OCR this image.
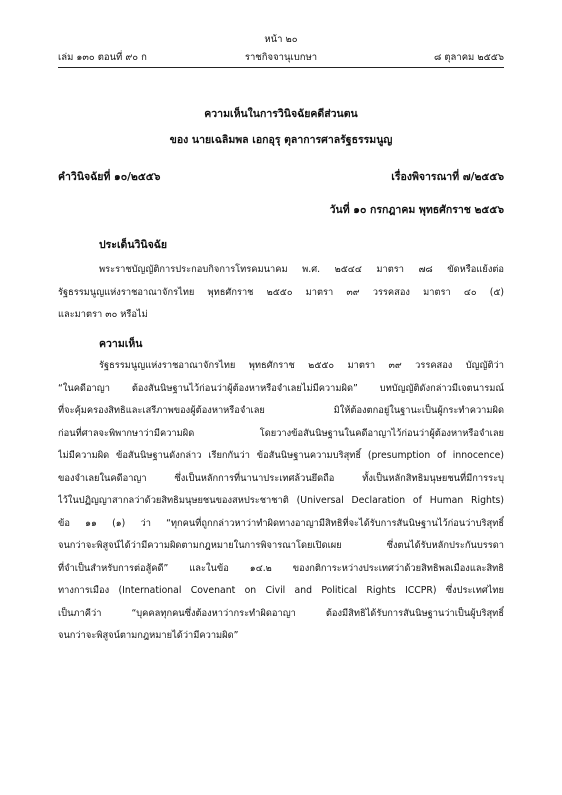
หน้า ๒๐
เล่ม ๑๓๐ ตอนที่ ๙๐ ก	ราชกิจจานุเบกษา	๘ ตุลาคม ๒๕๕๖
ความเห็นในการวินิจฉัยคดีส่วนตน
ของ นายเฉลิมพล เอกอุรุ ตุลาการศาลรัฐธรรมนูญ
คำวินิจฉัยที่ ๑๐/๒๕๕๖	เรื่องพิจารณาที่ ๗/๒๕๕๖
วันที่ ๑๐ กรกฎาคม พุทธศักราช ๒๕๕๖
ประเด็นวินิจฉัย
พระราชบัญญัติการประกอบกิจการโทรคมนาคม พ.ศ. ๒๕๔๔ มาตรา ๗๘ ขัดหรือแย้งต่อ
รัฐธรรมนูญแห่งราชอาณาจักรไทย พุทธศักราช ๒๕๕๐ มาตรา ๓๙ วรรคสอง มาตรา ๔๐ (๕)
และมาตรา ๓๐ หรือไม่
ความเห็น
รัฐธรรมนูญแห่งราชอาณาจักรไทย พุทธศักราช ๒๕๕๐ มาตรา ๓๙ วรรคสอง บัญญัติว่า
“ในคดีอาญา ต้องสันนิษฐานไว้ก่อนว่าผู้ต้องหาหรือจำเลยไม่มีความผิด” บทบัญญัติดังกล่าวมีเจตนารมณ์
ที่จะคุ้มครองสิทธิและเสรีภาพของผู้ต้องหาหรือจำเลย มิให้ต้องตกอยู่ในฐานะเป็นผู้กระทำความผิด
ก่อนที่ศาลจะพิพากษาว่ามีความผิด โดยวางข้อสันนิษฐานในคดีอาญาไว้ก่อนว่าผู้ต้องหาหรือจำเลย
ไม่มีความผิด ข้อสันนิษฐานดังกล่าว เรียกกันว่า ข้อสันนิษฐานความบริสุทธิ์ (presumption of innocence)
ของจำเลยในคดีอาญา ซึ่งเป็นหลักการที่นานาประเทศล้วนยึดถือ ทั้งเป็นหลักสิทธิมนุษยชนที่มีการระบุ
ไว้ในปฏิญญาสากลว่าด้วยสิทธิมนุษยชนของสหประชาชาติ (Universal Declaration of Human Rights)
ข้อ ๑๑ (๑) ว่า “ทุกคนที่ถูกกล่าวหาว่าทำผิดทางอาญามีสิทธิที่จะได้รับการสันนิษฐานไว้ก่อนว่าบริสุทธิ์
จนกว่าจะพิสูจน์ได้ว่ามีความผิดตามกฎหมายในการพิจารณาโดยเปิดเผย ซึ่งตนได้รับหลักประกันบรรดา
ที่จำเป็นสำหรับการต่อสู้คดี” และในข้อ ๑๔.๒ ของกติการะหว่างประเทศว่าด้วยสิทธิพลเมืองและสิทธิ
ทางการเมือง (International Covenant on Civil and Political Rights ICCPR) ซึ่งประเทศไทย
เป็นภาคีว่า “บุคคลทุกคนซึ่งต้องหาว่ากระทำผิดอาญา ต้องมีสิทธิได้รับการสันนิษฐานว่าเป็นผู้บริสุทธิ์
จนกว่าจะพิสูจน์ตามกฎหมายได้ว่ามีความผิด”
